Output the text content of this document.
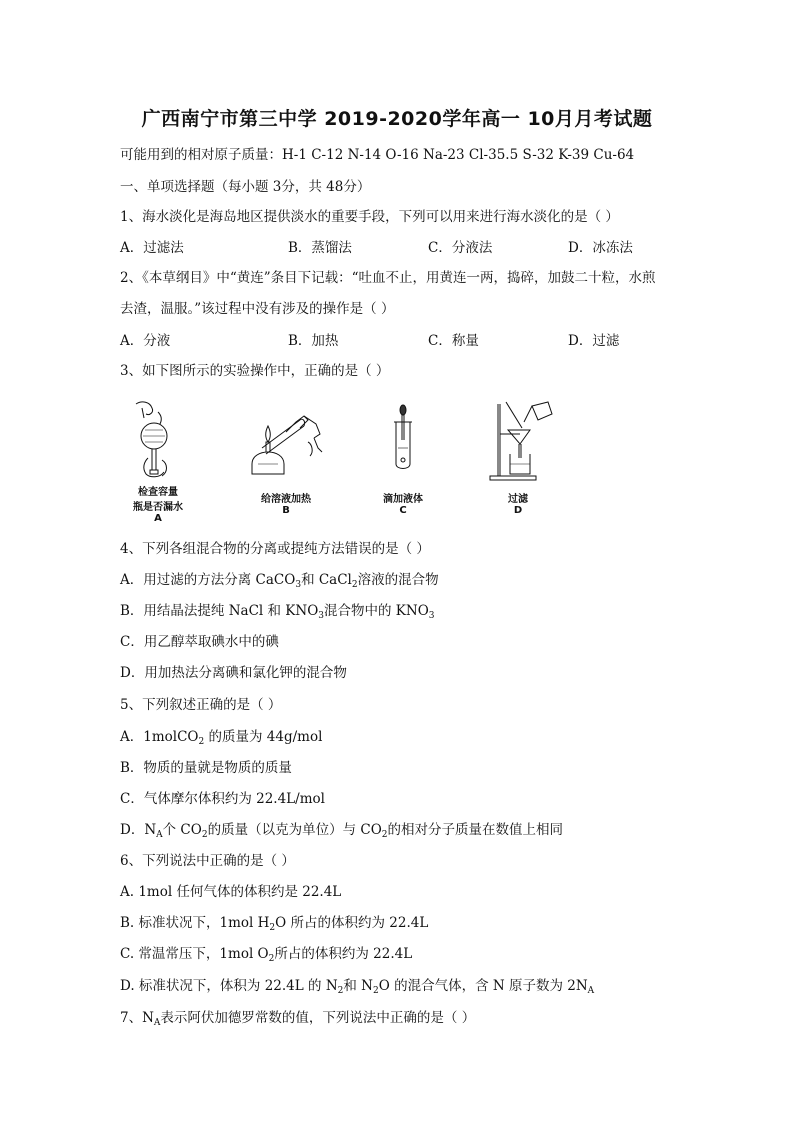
广西南宁市第三中学 2019-2020学年高一 10月月考试题
可能用到的相对原子质量：H-1 C-12 N-14 O-16 Na-23 Cl-35.5 S-32 K-39 Cu-64
一、单项选择题（每小题 3分，共 48分）
1、海水淡化是海岛地区提供淡水的重要手段，下列可以用来进行海水淡化的是（ ）
A．过滤法	B．蒸馏法	C．分液法	D．冰冻法
2、《本草纲目》中“黄连”条目下记载：“吐血不止，用黄连一两，捣碎，加鼓二十粒，水煎
去渣，温服。”该过程中没有涉及的操作是（ ）
A．分液	B．加热	C．称量	D．过滤
3、如下图所示的实验操作中，正确的是（ ）
检查容量
瓶是否漏水
A
给溶液加热
B
滴加液体
C
过滤
D
4、下列各组混合物的分离或提纯方法错误的是（ ）
A．用过滤的方法分离 CaCO$_3$和 CaCl$_2$溶液的混合物
B．用结晶法提纯 NaCl 和 $KNO_3$混合物中的 $KNO_3$
C．用乙醇萃取碘水中的碘
D．用加热法分离碘和氯化钾的混合物
5、下列叙述正确的是（ ）
A．1molCO$_2$ 的质量为 44g/mol
B．物质的量就是物质的质量
C．气体摩尔体积约为 22.4L/mol
D．$N_A$个 $CO_2$的质量（以克为单位）与 $CO_2$的相对分子质量在数值上相同
6、下列说法中正确的是（ ）
A. 1mol 任何气体的体积约是 22.4L
B. 标准状况下，1mol $H_2O$ 所占的体积约为 22.4L
C. 常温常压下，1mol $O_2$所占的体积约为 22.4L
D. 标准状况下，体积为 22.4L 的 $N_2$和 $N_2O$ 的混合气体，含 N 原子数为 $2N_A$
7、$N_A$表示阿伏加德罗常数的值，下列说法中正确的是（ ）
